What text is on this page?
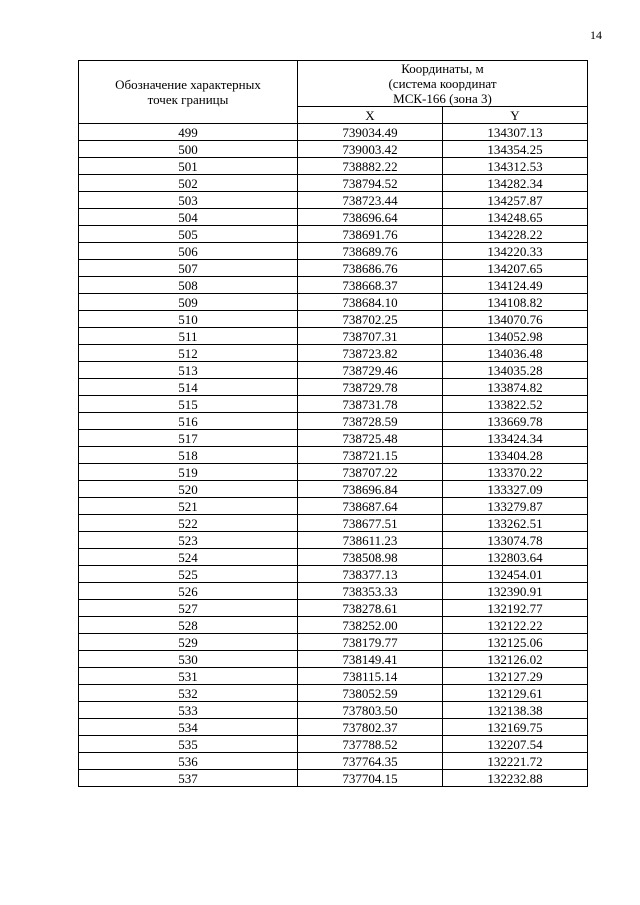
14
Обозначение характерных
точек границы	Координаты, м
(система координат
МСК-166 (зона 3)	

	X	Y
499	739034.49	134307.13
500	739003.42	134354.25
501	738882.22	134312.53
502	738794.52	134282.34
503	738723.44	134257.87
504	738696.64	134248.65
505	738691.76	134228.22
506	738689.76	134220.33
507	738686.76	134207.65
508	738668.37	134124.49
509	738684.10	134108.82
510	738702.25	134070.76
511	738707.31	134052.98
512	738723.82	134036.48
513	738729.46	134035.28
514	738729.78	133874.82
515	738731.78	133822.52
516	738728.59	133669.78
517	738725.48	133424.34
518	738721.15	133404.28
519	738707.22	133370.22
520	738696.84	133327.09
521	738687.64	133279.87
522	738677.51	133262.51
523	738611.23	133074.78
524	738508.98	132803.64
525	738377.13	132454.01
526	738353.33	132390.91
527	738278.61	132192.77
528	738252.00	132122.22
529	738179.77	132125.06
530	738149.41	132126.02
531	738115.14	132127.29
532	738052.59	132129.61
533	737803.50	132138.38
534	737802.37	132169.75
535	737788.52	132207.54
536	737764.35	132221.72
537	737704.15	132232.88
